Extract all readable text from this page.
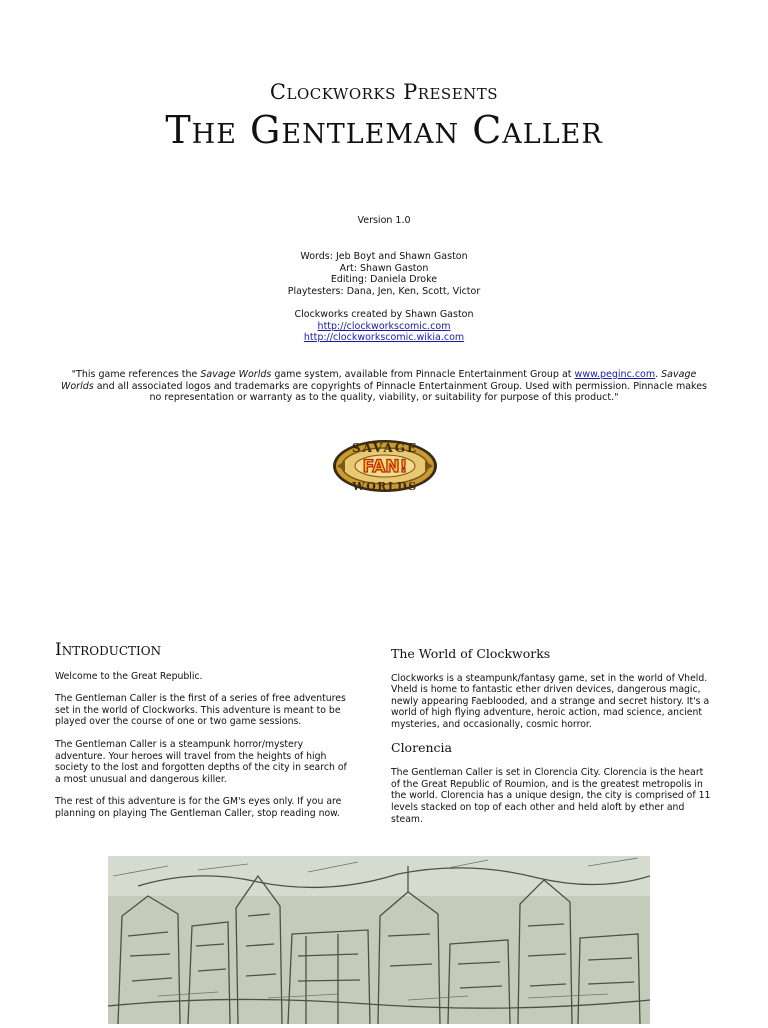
Clockworks Presents
The Gentleman Caller
Version 1.0
Words: Jeb Boyt and Shawn Gaston
Art: Shawn Gaston
Editing: Daniela Droke
Playtesters: Dana, Jen, Ken, Scott, Victor
Clockworks created by Shawn Gaston
http://clockworkscomic.com
http://clockworkscomic.wikia.com
"This game references the Savage Worlds game system, available from Pinnacle Entertainment Group at www.peginc.com. Savage Worlds and all associated logos and trademarks are copyrights of Pinnacle Entertainment Group. Used with permission. Pinnacle makes no representation or warranty as to the quality, viability, or suitability for purpose of this product."
SAVAGE
FAN!
WORLDS
Introduction

Welcome to the Great Republic.

The Gentleman Caller is the first of a series of free adventures set in the world of Clockworks. This adventure is meant to be played over the course of one or two game sessions.

The Gentleman Caller is a steampunk horror/mystery adventure. Your heroes will travel from the heights of high society to the lost and forgotten depths of the city in search of a most unusual and dangerous killer.

The rest of this adventure is for the GM's eyes only. If you are planning on playing The Gentleman Caller, stop reading now.

The World of Clockworks

Clockworks is a steampunk/fantasy game, set in the world of Vheld. Vheld is home to fantastic ether driven devices, dangerous magic, newly appearing Faeblooded, and a strange and secret history. It's a world of high flying adventure, heroic action, mad science, ancient mysteries, and occasionally, cosmic horror.

Clorencia

The Gentleman Caller is set in Clorencia City. Clorencia is the heart of the Great Republic of Roumion, and is the greatest metropolis in the world. Clorencia has a unique design, the city is comprised of 11 levels stacked on top of each other and held aloft by ether and steam.
